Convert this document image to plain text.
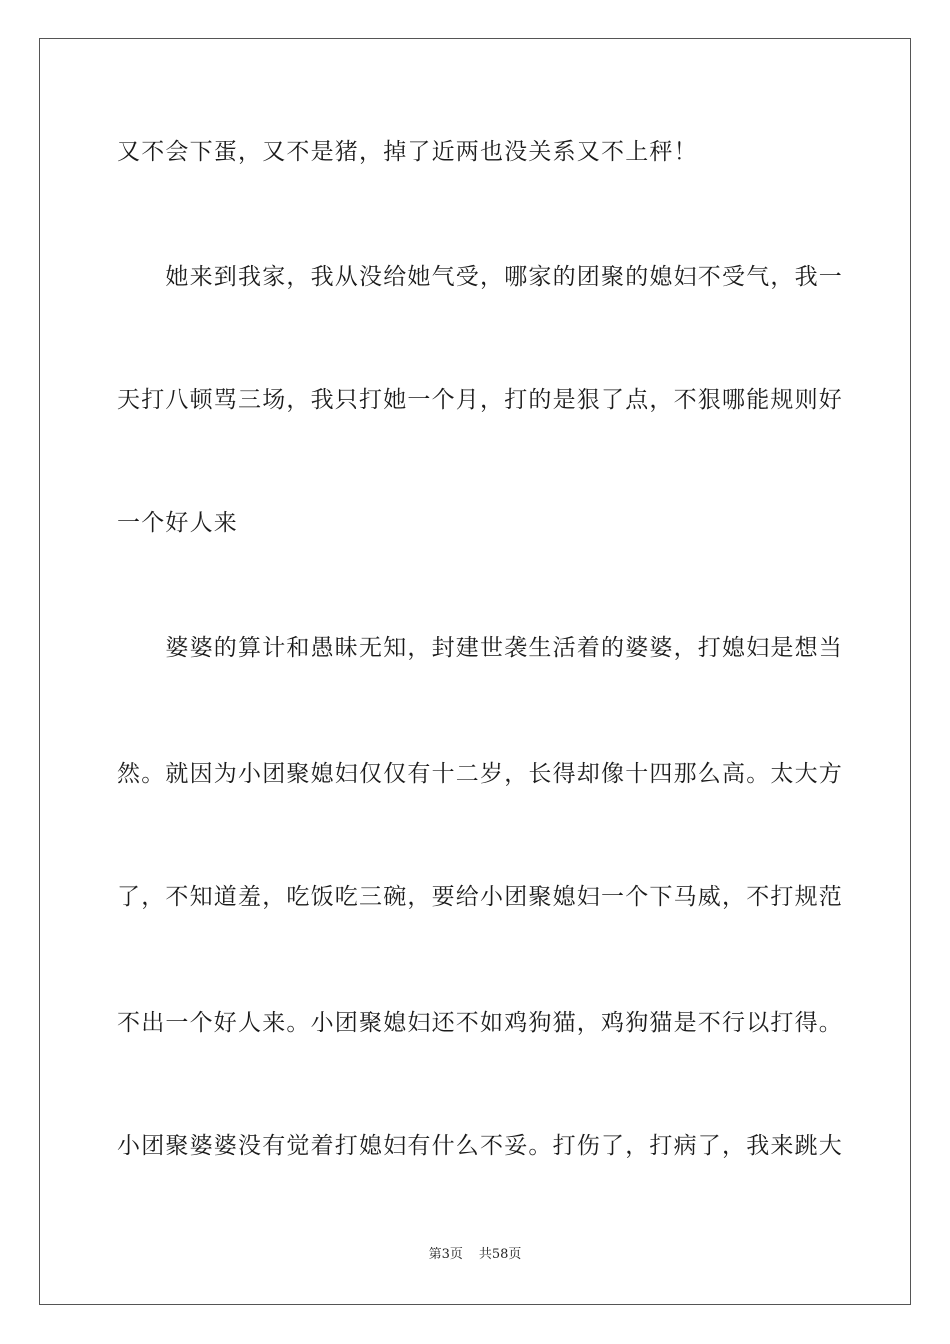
又不会下蛋，又不是猪，掉了近两也没关系又不上秤！
　　她来到我家，我从没给她气受，哪家的团聚的媳妇不受气，我一
天打八顿骂三场，我只打她一个月，打的是狠了点，不狠哪能规则好
一个好人来
　　婆婆的算计和愚昧无知，封建世袭生活着的婆婆，打媳妇是想当
然。就因为小团聚媳妇仅仅有十二岁，长得却像十四那么高。太大方
了，不知道羞，吃饭吃三碗，要给小团聚媳妇一个下马威，不打规范
不出一个好人来。小团聚媳妇还不如鸡狗猫，鸡狗猫是不行以打得。
小团聚婆婆没有觉着打媳妇有什么不妥。打伤了，打病了，我来跳大
第3页 共58页
